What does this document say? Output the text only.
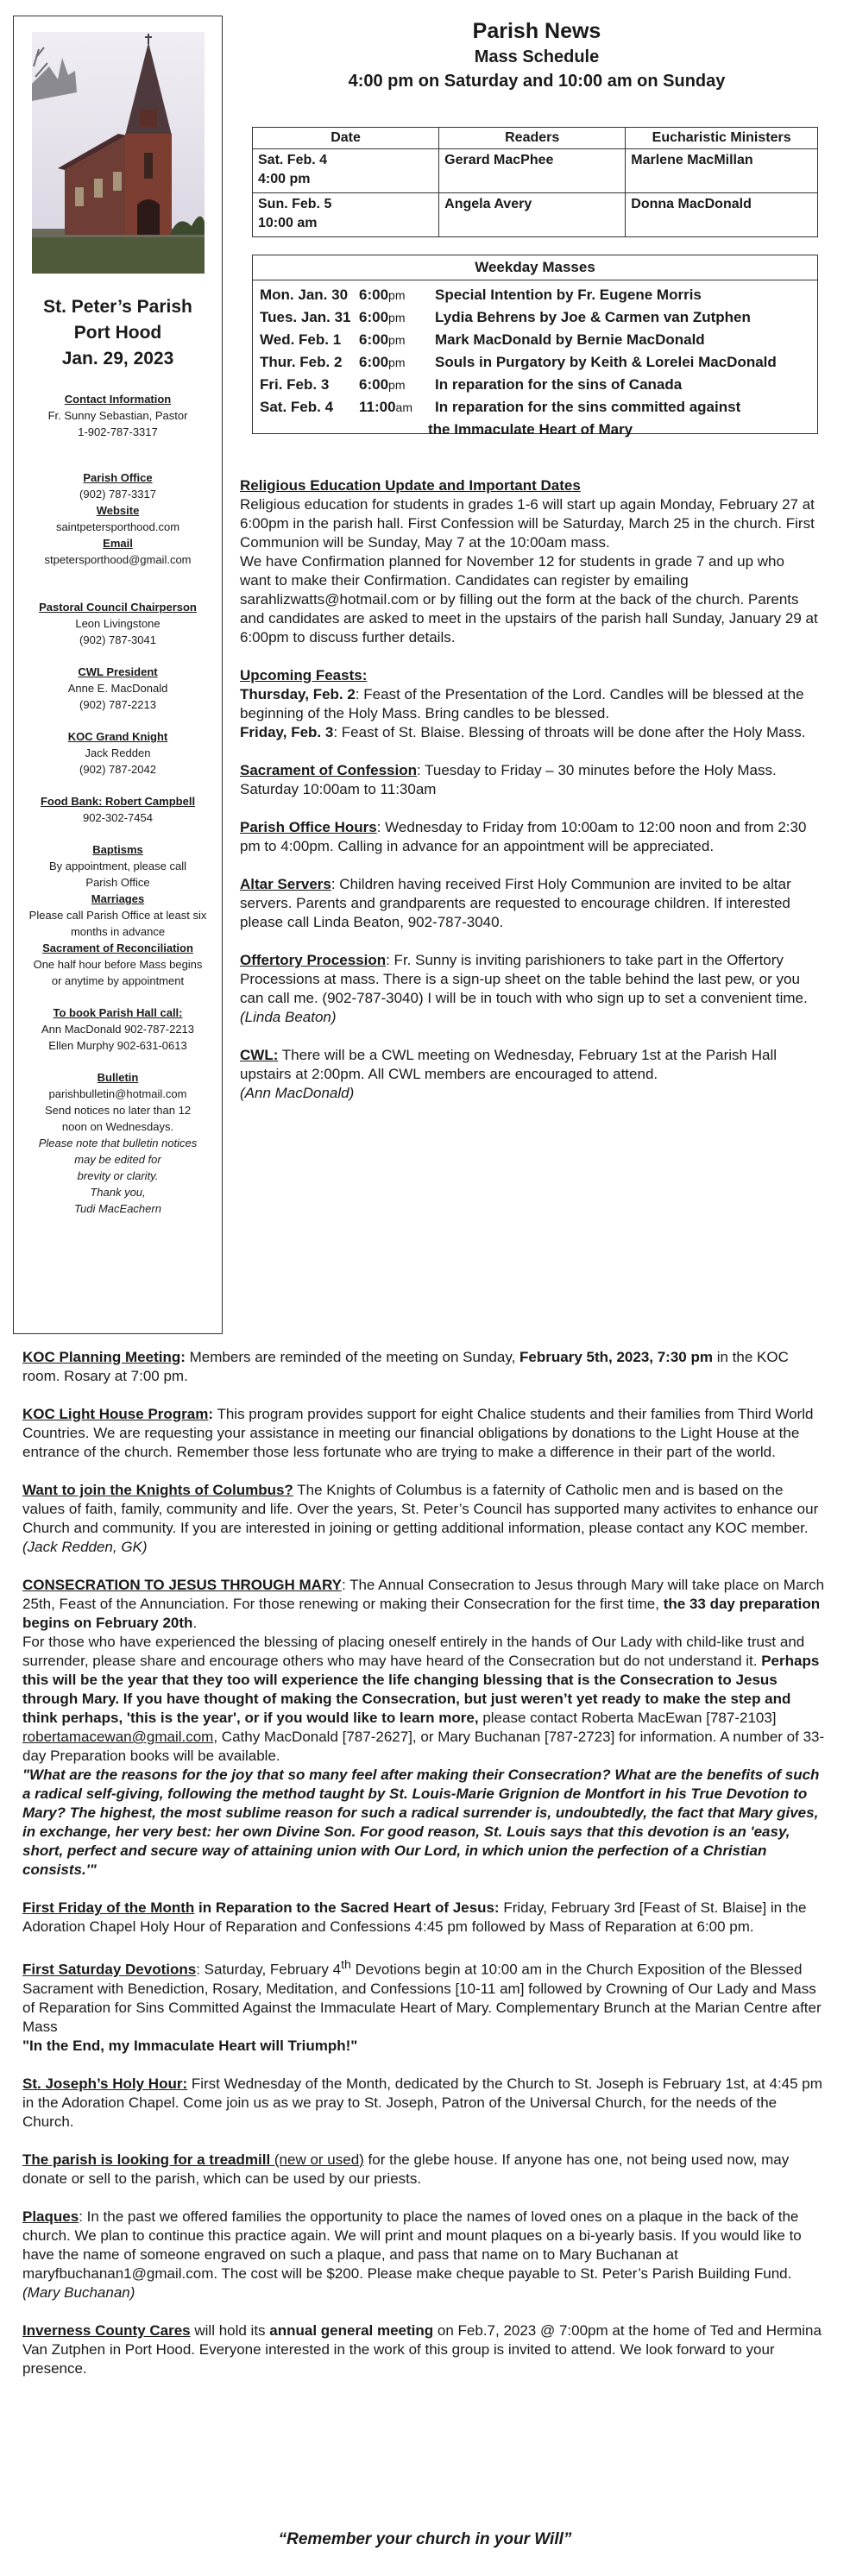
St. Peter’s Parish
Port Hood
Jan. 29, 2023
Contact Information
Fr. Sunny Sebastian, Pastor
1-902-787-3317
Parish Office
(902) 787-3317
Website
saintpetersporthood.com
Email
stpetersporthood@gmail.com
Pastoral Council Chairperson
Leon Livingstone
(902) 787-3041
CWL President
Anne E. MacDonald
(902) 787-2213
KOC Grand Knight
Jack Redden
(902) 787-2042
Food Bank: Robert Campbell
902-302-7454
Baptisms
By appointment, please call
Parish Office
Marriages
Please call Parish Office at least six
months in advance
Sacrament of Reconciliation
One half hour before Mass begins
or anytime by appointment
To book Parish Hall call:
Ann MacDonald 902-787-2213
Ellen Murphy 902-631-0613
Bulletin
parishbulletin@hotmail.com
Send notices no later than 12
noon on Wednesdays.
Please note that bulletin notices
may be edited for
brevity or clarity.
Thank you,
Tudi MacEachern
Parish News
Mass Schedule
4:00 pm on Saturday and 10:00 am on Sunday
Date	Readers	Eucharistic Ministers

Sat. Feb. 4
4:00 pm	Gerard MacPhee	Marlene MacMillan

Sun. Feb. 5
10:00 am	Angela Avery	Donna MacDonald
Weekday Masses
Mon. Jan. 30 6:00pm	Special Intention by Fr. Eugene Morris
Tues. Jan. 31 6:00pm	Lydia Behrens by Joe & Carmen van Zutphen
Wed. Feb. 1	6:00pm	Mark MacDonald by Bernie MacDonald
Thur. Feb. 2	6:00pm	Souls in Purgatory by Keith & Lorelei MacDonald
Fri. Feb. 3	6:00pm	In reparation for the sins of Canada
Sat. Feb. 4	11:00am	In reparation for the sins committed against
the Immaculate Heart of Mary

Religious Education Update and Important Dates

Religious education for students in grades 1-6 will start up again Monday, February 27 at 6:00pm in the parish hall. First Confession will be Saturday, March 25 in the church. First Communion will be Sunday, May 7 at the 10:00am mass.

We have Confirmation planned for November 12 for students in grade 7 and up who want to make their Confirmation. Candidates can register by emailing sarahlizwatts@hotmail.com or by filling out the form at the back of the church. Parents and candidates are asked to meet in the upstairs of the parish hall Sunday, January 29 at 6:00pm to discuss further details.

Upcoming Feasts:

Thursday, Feb. 2: Feast of the Presentation of the Lord. Candles will be blessed at the beginning of the Holy Mass. Bring candles to be blessed.

Friday, Feb. 3: Feast of St. Blaise. Blessing of throats will be done after the Holy Mass.

Sacrament of Confession: Tuesday to Friday – 30 minutes before the Holy Mass. Saturday 10:00am to 11:30am

Parish Office Hours: Wednesday to Friday from 10:00am to 12:00 noon and from 2:30 pm to 4:00pm. Calling in advance for an appointment will be appreciated.

Altar Servers: Children having received First Holy Communion are invited to be altar servers. Parents and grandparents are requested to encourage children. If interested please call Linda Beaton, 902-787-3040.

Offertory Procession: Fr. Sunny is inviting parishioners to take part in the Offertory Processions at mass. There is a sign-up sheet on the table behind the last pew, or you can call me. (902-787-3040) I will be in touch with who sign up to set a convenient time. (Linda Beaton)

CWL: There will be a CWL meeting on Wednesday, February 1st at the Parish Hall upstairs at 2:00pm. All CWL members are encouraged to attend.

(Ann MacDonald)

KOC Planning Meeting: Members are reminded of the meeting on Sunday, February 5th, 2023, 7:30 pm in the KOC room. Rosary at 7:00 pm.

KOC Light House Program: This program provides support for eight Chalice students and their families from Third World Countries. We are requesting your assistance in meeting our financial obligations by donations to the Light House at the entrance of the church. Remember those less fortunate who are trying to make a difference in their part of the world.

Want to join the Knights of Columbus? The Knights of Columbus is a faternity of Catholic men and is based on the values of faith, family, community and life. Over the years, St. Peter’s Council has supported many activites to enhance our Church and community. If you are interested in joining or getting additional information, please contact any KOC member. (Jack Redden, GK)

CONSECRATION TO JESUS THROUGH MARY: The Annual Consecration to Jesus through Mary will take place on March 25th, Feast of the Annunciation. For those renewing or making their Consecration for the first time, the 33 day preparation begins on February 20th.

For those who have experienced the blessing of placing oneself entirely in the hands of Our Lady with child-like trust and surrender, please share and encourage others who may have heard of the Consecration but do not understand it. Perhaps this will be the year that they too will experience the life changing blessing that is the Consecration to Jesus through Mary. If you have thought of making the Consecration, but just weren’t yet ready to make the step and think perhaps, 'this is the year', or if you would like to learn more, please contact Roberta MacEwan [787-2103] robertamacewan@gmail.com, Cathy MacDonald [787-2627], or Mary Buchanan [787-2723] for information. A number of 33-day Preparation books will be available.

"What are the reasons for the joy that so many feel after making their Consecration? What are the benefits of such a radical self-giving, following the method taught by St. Louis-Marie Grignion de Montfort in his True Devotion to Mary? The highest, the most sublime reason for such a radical surrender is, undoubtedly, the fact that Mary gives, in exchange, her very best: her own Divine Son. For good reason, St. Louis says that this devotion is an 'easy, short, perfect and secure way of attaining union with Our Lord, in which union the perfection of a Christian consists.'"

First Friday of the Month in Reparation to the Sacred Heart of Jesus: Friday, February 3rd [Feast of St. Blaise] in the Adoration Chapel Holy Hour of Reparation and Confessions 4:45 pm followed by Mass of Reparation at 6:00 pm.

First Saturday Devotions: Saturday, February 4th Devotions begin at 10:00 am in the Church Exposition of the Blessed Sacrament with Benediction, Rosary, Meditation, and Confessions [10-11 am] followed by Crowning of Our Lady and Mass of Reparation for Sins Committed Against the Immaculate Heart of Mary. Complementary Brunch at the Marian Centre after Mass

"In the End, my Immaculate Heart will Triumph!"

St. Joseph’s Holy Hour: First Wednesday of the Month, dedicated by the Church to St. Joseph is February 1st, at 4:45 pm in the Adoration Chapel. Come join us as we pray to St. Joseph, Patron of the Universal Church, for the needs of the Church.

The parish is looking for a treadmill (new or used) for the glebe house. If anyone has one, not being used now, may donate or sell to the parish, which can be used by our priests.

Plaques: In the past we offered families the opportunity to place the names of loved ones on a plaque in the back of the church. We plan to continue this practice again. We will print and mount plaques on a bi-yearly basis. If you would like to have the name of someone engraved on such a plaque, and pass that name on to Mary Buchanan at maryfbuchanan1@gmail.com. The cost will be $200. Please make cheque payable to St. Peter’s Parish Building Fund. (Mary Buchanan)

Inverness County Cares will hold its annual general meeting on Feb.7, 2023 @ 7:00pm at the home of Ted and Hermina Van Zutphen in Port Hood. Everyone interested in the work of this group is invited to attend. We look forward to your presence.

“Remember your church in your Will”
